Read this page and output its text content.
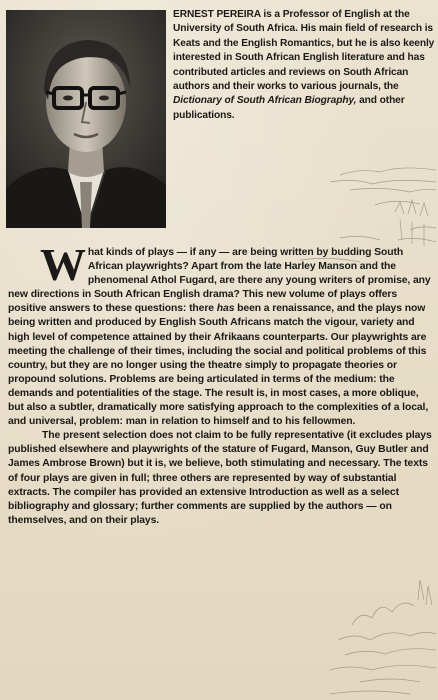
ERNEST PEREIRA is a Professor of English at the University of South Africa. His main field of research is Keats and the English Romantics, but he is also keenly interested in South African English literature and has contributed articles and reviews on South African authors and their works to various journals, the Dictionary of South African Biography, and other publications.

What kinds of plays — if any — are being written by budding South African playwrights? Apart from the late Harley Manson and the phenomenal Athol Fugard, are there any young writers of promise, any new directions in South African English drama? This new volume of plays offers positive answers to these questions: there has been a renaissance, and the plays now being written and produced by English South Africans match the vigour, variety and high level of competence attained by their Afrikaans counterparts. Our playwrights are meeting the challenge of their times, including the social and political problems of this country, but they are no longer using the theatre simply to propagate theories or propound solutions. Problems are being articulated in terms of the medium: the demands and potentialities of the stage. The result is, in most cases, a more oblique, but also a subtler, dramatically more satisfying approach to the complexities of a local, and universal, problem: man in relation to himself and to his fellowmen.

The present selection does not claim to be fully representative (it excludes plays published elsewhere and playwrights of the stature of Fugard, Manson, Guy Butler and James Ambrose Brown) but it is, we believe, both stimulating and necessary. The texts of four plays are given in full; three others are represented by way of substantial extracts. The compiler has provided an extensive Introduction as well as a select bibliography and glossary; further comments are supplied by the authors — on themselves, and on their plays.
